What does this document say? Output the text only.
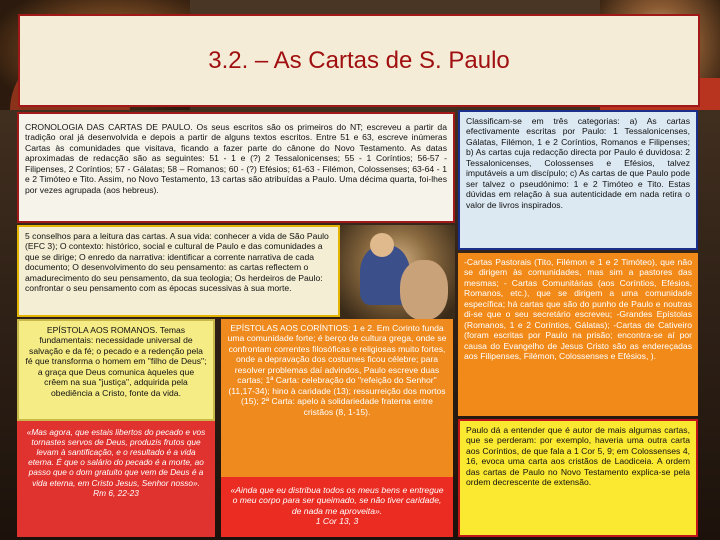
3.2. – As Cartas de S. Paulo

CRONOLOGIA DAS CARTAS DE PAULO. Os seus escritos são os primeiros do NT; escreveu a partir da tradição oral já desenvolvida e depois a partir de alguns textos escritos. Entre 51 e 63, escreve inúmeras Cartas às comunidades que visitava, ficando a fazer parte do cânone do Novo Testamento. As datas aproximadas de redacção são as seguintes: 51 - 1 e (?) 2 Tessalonicenses; 55 - 1 Coríntios; 56-57 - Filipenses, 2 Coríntios; 57 - Gálatas; 58 – Romanos; 60 - (?) Efésios; 61-63 - Filémon, Colossenses; 63-64 - 1 e 2 Timóteo e Tito. Assim, no Novo Testamento, 13 cartas são atribuídas a Paulo. Uma décima quarta, foi-lhes por vezes agrupada (aos hebreus).

5 conselhos para a leitura das cartas. A sua vida: conhecer a vida de São Paulo (EFC 3); O contexto: histórico, social e cultural de Paulo e das comunidades a que se dirige; O enredo da narrativa: identificar a corrente narrativa de cada documento; O desenvolvimento do seu pensamento: as cartas reflectem o amadurecimento do seu pensamento, da sua teologia; Os herdeiros de Paulo: confrontar o seu pensamento com as épocas sucessivas à sua morte.

EPÍSTOLA AOS ROMANOS. Temas fundamentais: necessidade universal de salvação e da fé; o pecado e a redenção pela fé que transforma o homem em "filho de Deus"; a graça que Deus comunica àqueles que crêem na sua "justiça", adquirida pela obediência a Cristo, fonte da vida.

«Mas agora, que estais libertos do pecado e vos tornastes servos de Deus, produzis frutos que levam à santificação, e o resultado é a vida eterna. É que o salário do pecado é a morte, ao passo que o dom gratuito que vem de Deus é a vida eterna, em Cristo Jesus, Senhor nosso».

Rm 6, 22-23

EPÍSTOLAS AOS CORÍNTIOS: 1 e 2. Em Corinto funda uma comunidade forte; é berço de cultura grega, onde se confrontam correntes filosóficas e religiosas muito fortes, onde a depravação dos costumes ficou célebre; para resolver problemas daí advindos, Paulo escreve duas cartas; 1ª Carta: celebração do "refeição do Senhor" (11,17-34); hino à caridade (13); ressurreição dos mortos (15); 2ª Carta: apelo à solidariedade fraterna entre cristãos (8, 1-15).

«Ainda que eu distribua todos os meus bens e entregue o meu corpo para ser queimado, se não tiver caridade, de nada me aproveita».

1 Cor 13, 3

Classificam-se em três categorias: a) As cartas efectivamente escritas por Paulo: 1 Tessalonicenses, Gálatas, Filémon, 1 e 2 Coríntios, Romanos e Filipenses; b) As cartas cuja redacção directa por Paulo é duvidosa: 2 Tessalonicenses, Colossenses e Efésios, talvez imputáveis a um discípulo; c) As cartas de que Paulo pode ser talvez o pseudónimo: 1 e 2 Timóteo e Tito. Estas dúvidas em relação à sua autenticidade em nada retira o valor de livros inspirados.

-Cartas Pastorais (Tito, Filémon e 1 e 2 Timóteo), que não se dirigem às comunidades, mas sim a pastores das mesmas; - Cartas Comunitárias (aos Coríntios, Efésios, Romanos, etc.), que se dirigem a uma comunidade específica; há cartas que são do punho de Paulo e noutras di-se que o seu secretário escreveu; -Grandes Epístolas (Romanos, 1 e 2 Coríntios, Gálatas); -Cartas de Cativeiro (foram escritas por Paulo na prisão; encontra-se aí por causa do Evangelho de Jesus Cristo são as endereçadas aos Filipenses, Filémon, Colossenses e Efésios, ).

Paulo dá a entender que é autor de mais algumas cartas, que se perderam: por exemplo, haveria uma outra carta aos Coríntios, de que fala a 1 Cor 5, 9; em Colossenses 4, 16, evoca uma carta aos cristãos de Laodiceia. A ordem das cartas de Paulo no Novo Testamento explica-se pela ordem decrescente de extensão.
